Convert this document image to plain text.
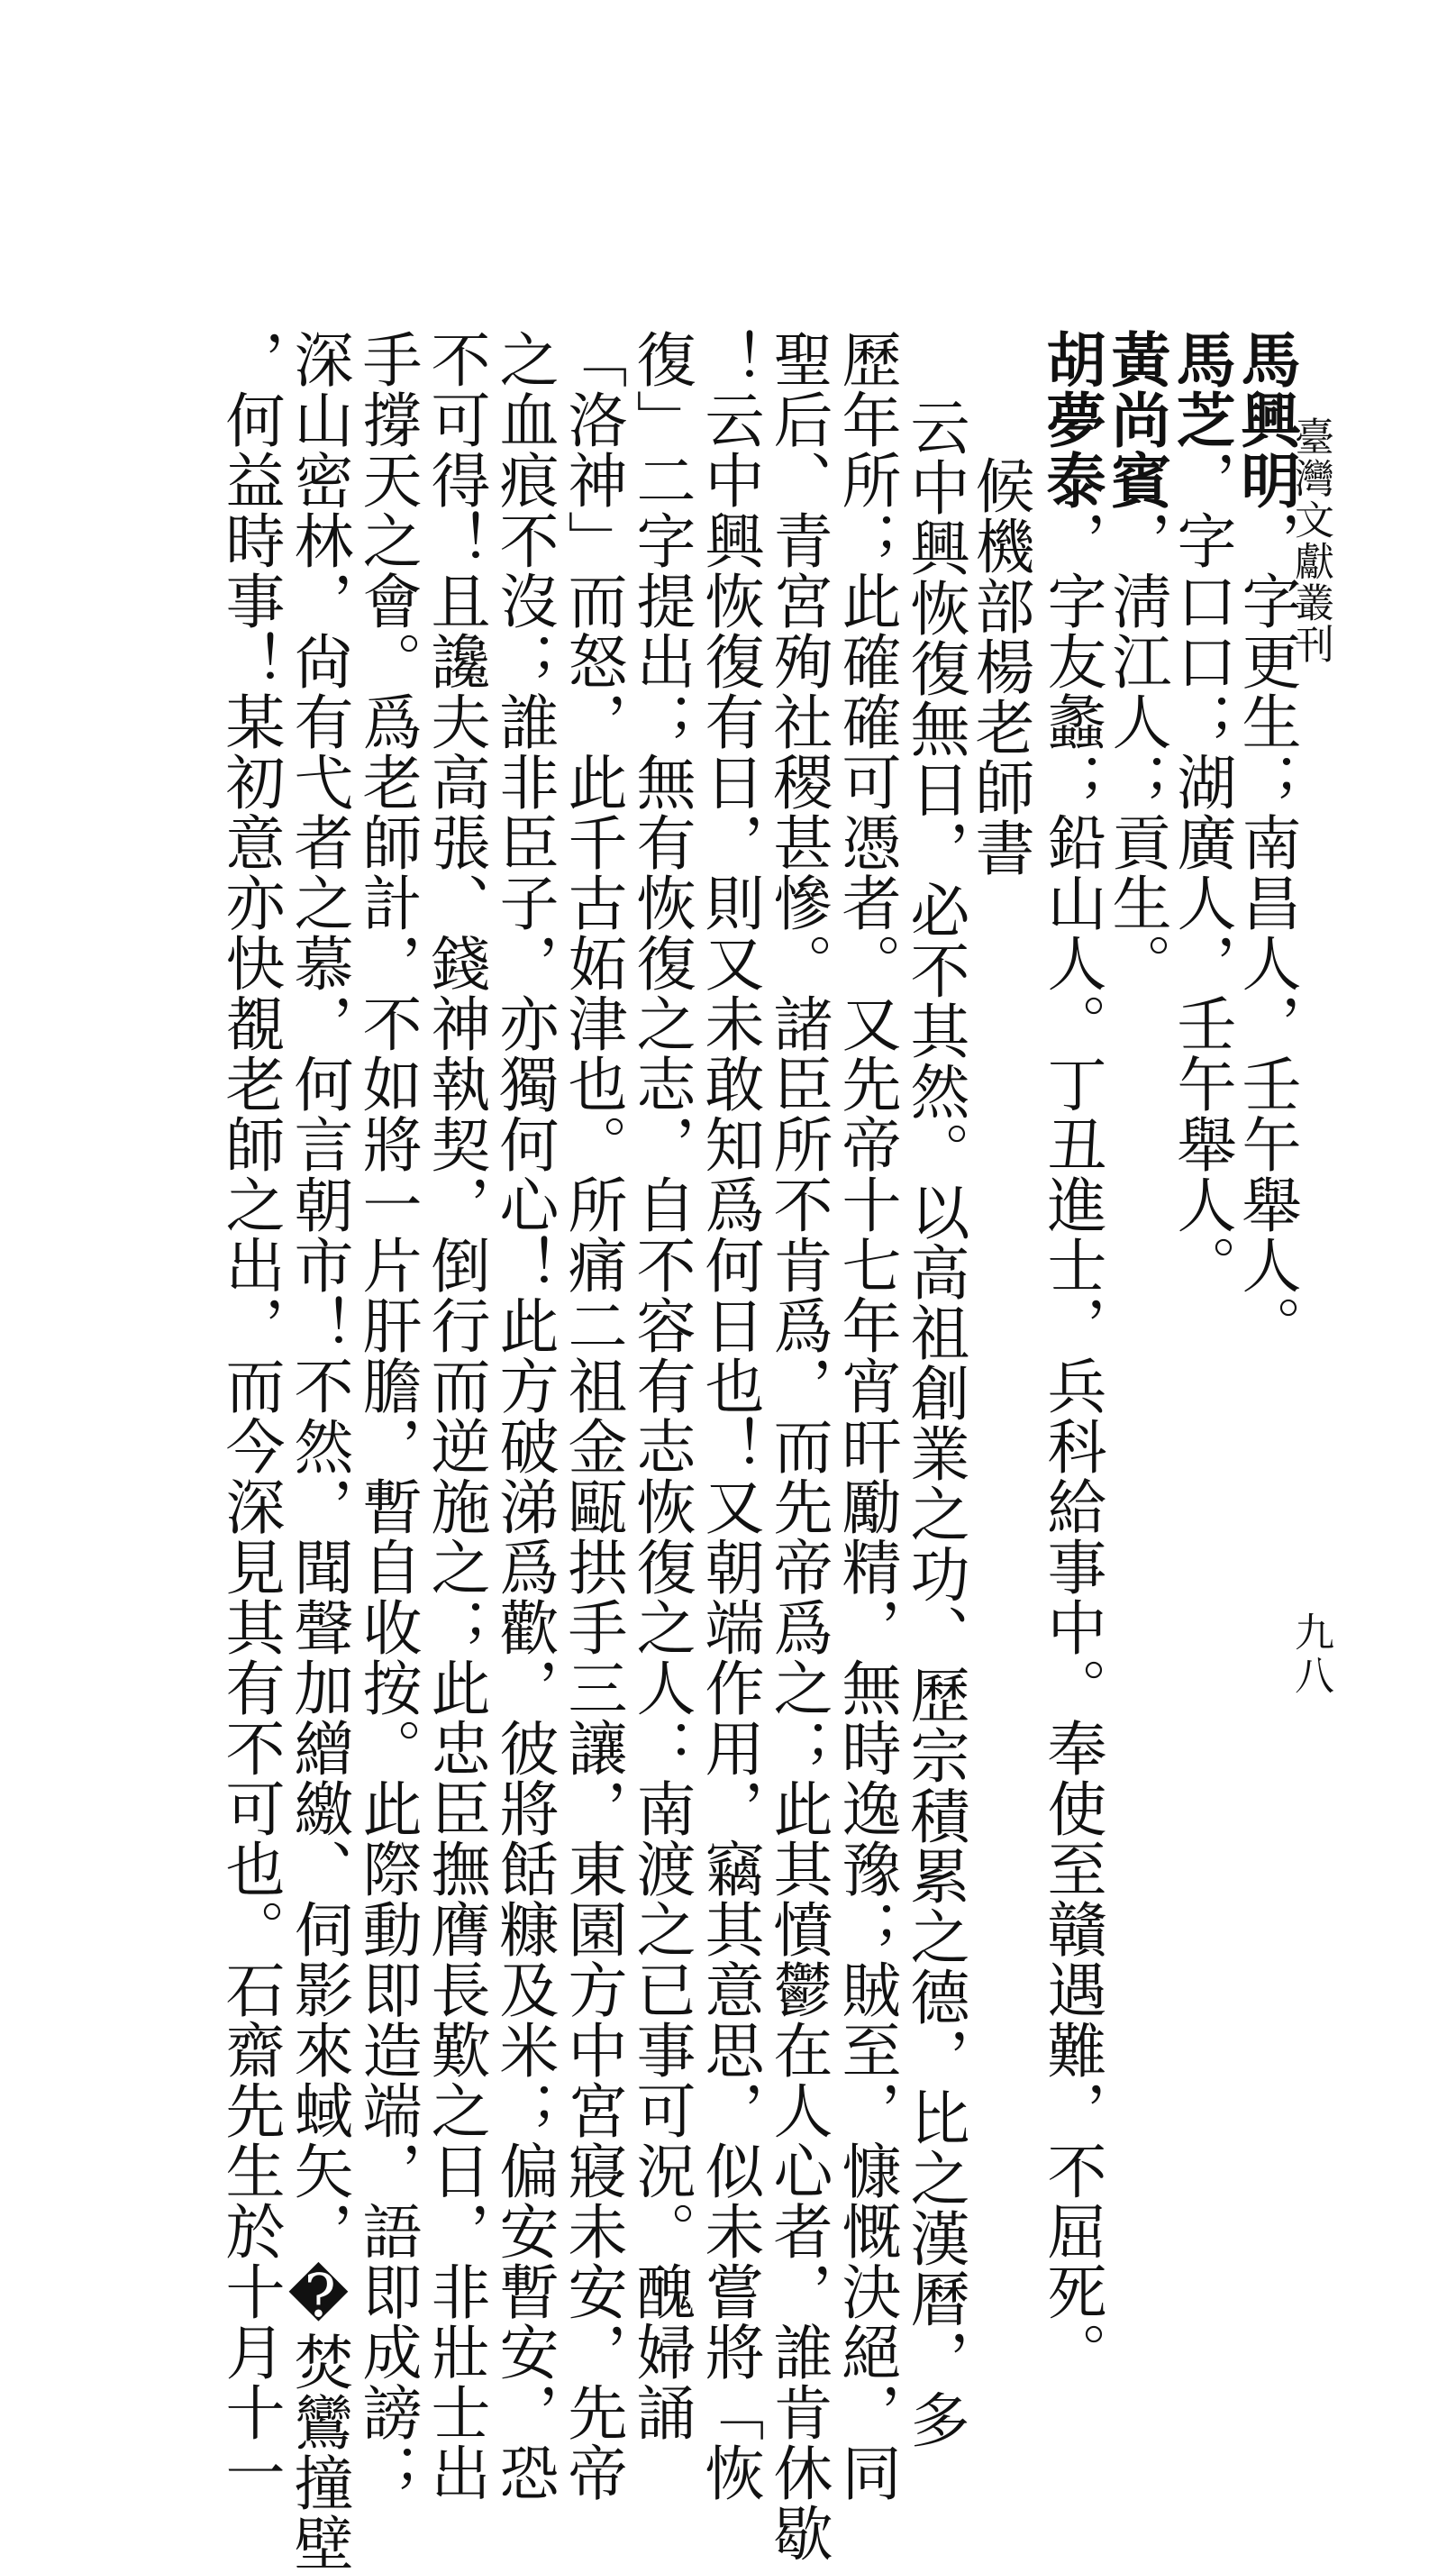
臺灣文獻叢刊
九八
馬興明，字更生；南昌人，壬午舉人。
馬芝，字口口；湖廣人，壬午舉人。
黃尚賓，淸江人；貢生。
胡夢泰，字友蠡；鉛山人。丁丑進士，兵科給事中。奉使至贛遇難，不屈死。
候機部楊老師書
云中興恢復無日，必不其然。以高祖創業之功、歷宗積累之德，比之漢曆，多
歷年所；此確確可憑者。又先帝十七年宵旰勵精，無時逸豫；賊至，慷慨決絕，同
聖后、青宮殉社稷甚慘。諸臣所不肯爲，而先帝爲之；此其憤鬱在人心者，誰肯休歇
！云中興恢復有日，則又未敢知爲何日也！又朝端作用，竊其意思，似未嘗將「恢
復」二字提出；無有恢復之志，自不容有志恢復之人：南渡之已事可況。醜婦誦
「洛神」而怒，此千古妬津也。所痛二祖金甌拱手三讓，東園方中宮寢未安，先帝
之血痕不沒；誰非臣子，亦獨何心！此方破涕爲歡，彼將餂糠及米；偏安暫安，恐
不可得！且讒夫高張、錢神執契，倒行而逆施之；此忠臣撫膺長歎之日，非壯士出
手撐天之會。爲老師計，不如將一片肝膽，暫自收按。此際動即造端，語即成謗；
深山密林，尙有弋者之慕，何言朝市！不然，聞聲加繒繳、伺影來蜮矢，�焚鸞撞壁
，何益時事！某初意亦快覩老師之出，而今深見其有不可也。石齋先生於十月十一
